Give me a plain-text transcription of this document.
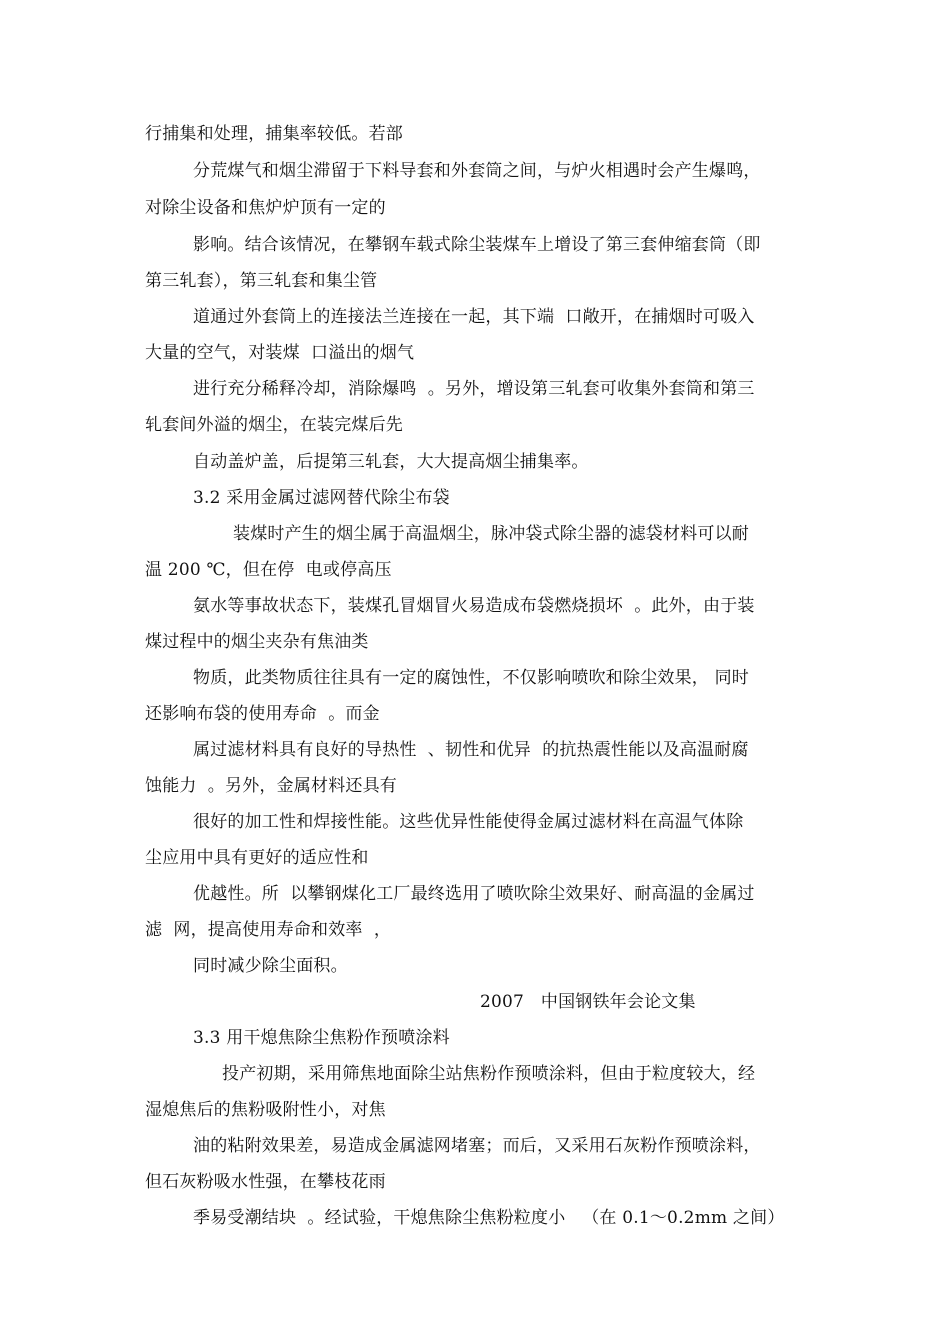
行捕集和处理，捕集率较低。若部
分荒煤气和烟尘滞留于下料导套和外套筒之间，与炉火相遇时会产生爆鸣，
对除尘设备和焦炉炉顶有一定的
影响。结合该情况，在攀钢车载式除尘装煤车上增设了第三套伸缩套筒（即
第三轧套），第三轧套和集尘管
道通过外套筒上的连接法兰连接在一起，其下端  口敞开，在捕烟时可吸入
大量的空气，对装煤  口溢出的烟气
进行充分稀释冷却，消除爆鸣  。另外，增设第三轧套可收集外套筒和第三
轧套间外溢的烟尘，在装完煤后先
自动盖炉盖，后提第三轧套，大大提高烟尘捕集率。
3.2 采用金属过滤网替代除尘布袋
装煤时产生的烟尘属于高温烟尘，脉冲袋式除尘器的滤袋材料可以耐
温 200 ℃，但在停  电或停高压
氨水等事故状态下，装煤孔冒烟冒火易造成布袋燃烧损坏  。此外，由于装
煤过程中的烟尘夹杂有焦油类
物质，此类物质往往具有一定的腐蚀性，不仅影响喷吹和除尘效果， 同时
还影响布袋的使用寿命  。而金
属过滤材料具有良好的导热性  、韧性和优异  的抗热震性能以及高温耐腐
蚀能力  。另外，金属材料还具有
很好的加工性和焊接性能。这些优异性能使得金属过滤材料在高温气体除
尘应用中具有更好的适应性和
优越性。所  以攀钢煤化工厂最终选用了喷吹除尘效果好、耐高温的金属过
滤  网，提高使用寿命和效率  ，
同时减少除尘面积。
2007   中国钢铁年会论文集
3.3 用干熄焦除尘焦粉作预喷涂料
投产初期，采用筛焦地面除尘站焦粉作预喷涂料，但由于粒度较大，经
湿熄焦后的焦粉吸附性小，对焦
油的粘附效果差，易造成金属滤网堵塞；而后，又采用石灰粉作预喷涂料，
但石灰粉吸水性强，在攀枝花雨
季易受潮结块  。经试验，干熄焦除尘焦粉粒度小   （在 0.1～0.2mm 之间）
